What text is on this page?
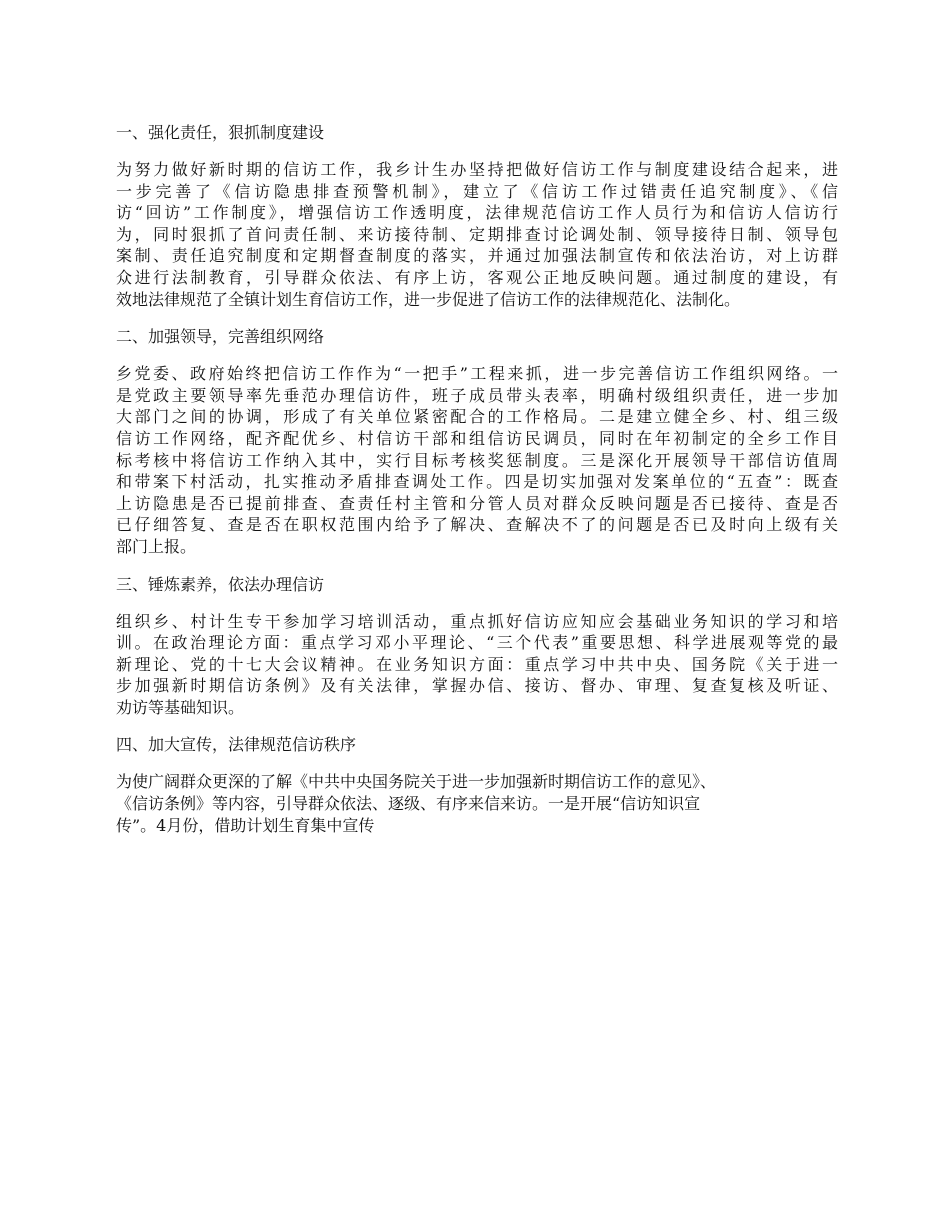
一、强化责任，狠抓制度建设
为努力做好新时期的信访工作，我乡计生办坚持把做好信访工作与制度建设结合起来，进
一步完善了《信访隐患排查预警机制》，建立了《信访工作过错责任追究制度》、《信
访“回访”工作制度》，增强信访工作透明度，法律规范信访工作人员行为和信访人信访行
为，同时狠抓了首问责任制、来访接待制、定期排查讨论调处制、领导接待日制、领导包
案制、责任追究制度和定期督查制度的落实，并通过加强法制宣传和依法治访，对上访群
众进行法制教育，引导群众依法、有序上访，客观公正地反映问题。通过制度的建设，有
效地法律规范了全镇计划生育信访工作，进一步促进了信访工作的法律规范化、法制化。
二、加强领导，完善组织网络
乡党委、政府始终把信访工作作为“一把手”工程来抓，进一步完善信访工作组织网络。一
是党政主要领导率先垂范办理信访件，班子成员带头表率，明确村级组织责任，进一步加
大部门之间的协调，形成了有关单位紧密配合的工作格局。二是建立健全乡、村、组三级
信访工作网络，配齐配优乡、村信访干部和组信访民调员，同时在年初制定的全乡工作目
标考核中将信访工作纳入其中，实行目标考核奖惩制度。三是深化开展领导干部信访值周
和带案下村活动，扎实推动矛盾排查调处工作。四是切实加强对发案单位的“五查”：既查
上访隐患是否已提前排查、查责任村主管和分管人员对群众反映问题是否已接待、查是否
已仔细答复、查是否在职权范围内给予了解决、查解决不了的问题是否已及时向上级有关
部门上报。
三、锤炼素养，依法办理信访
组织乡、村计生专干参加学习培训活动，重点抓好信访应知应会基础业务知识的学习和培
训。在政治理论方面：重点学习邓小平理论、“三个代表”重要思想、科学进展观等党的最
新理论、党的十七大会议精神。在业务知识方面：重点学习中共中央、国务院《关于进一
步加强新时期信访条例》及有关法律，掌握办信、接访、督办、审理、复查复核及听证、
劝访等基础知识。
四、加大宣传，法律规范信访秩序
为使广阔群众更深的了解《中共中央国务院关于进一步加强新时期信访工作的意见》、
《信访条例》等内容，引导群众依法、逐级、有序来信来访。一是开展“信访知识宣
传”。4月份，借助计划生育集中宣传
